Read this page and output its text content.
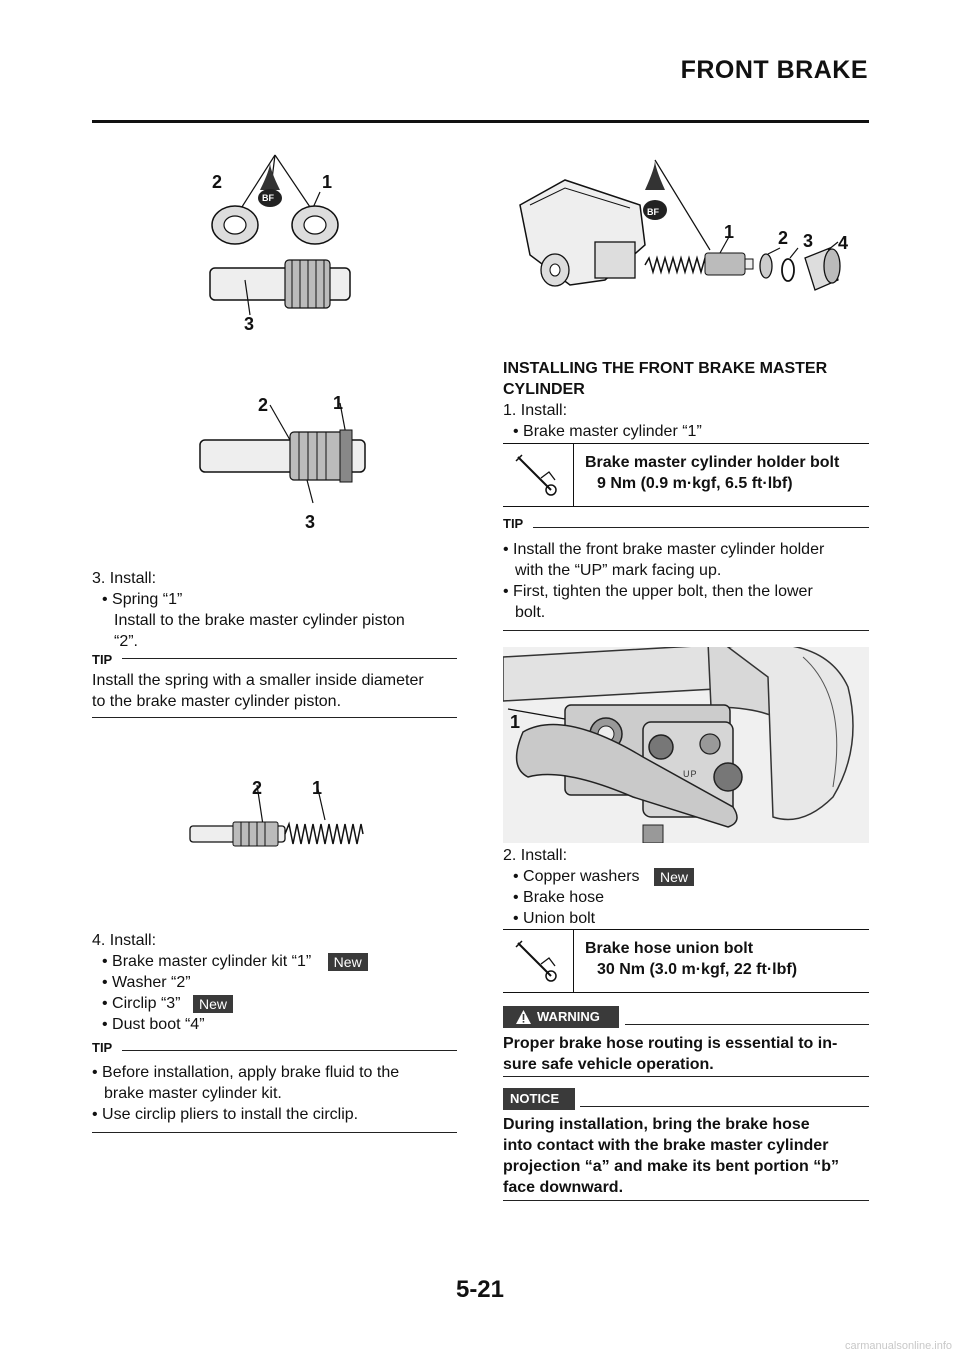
FRONT BRAKE
2	1
3
BF
2	1
3
3. Install:
• Spring “1”
Install to the brake master cylinder piston
“2”.
TIP
Install the spring with a smaller inside diameter
to the brake master cylinder piston.
2	1
4. Install:
• Brake master cylinder kit “1” New
• Washer “2”
• Circlip “3” New
• Dust boot “4”
TIP
• Before installation, apply brake fluid to the
brake master cylinder kit.
• Use circlip pliers to install the circlip.
BF
1 2 3 4
INSTALLING THE FRONT BRAKE MASTER
CYLINDER
1. Install:
• Brake master cylinder “1”
Brake master cylinder holder bolt
9 Nm (0.9 m·kgf, 6.5 ft·lbf)
TIP
• Install the front brake master cylinder holder
with the “UP” mark facing up.
• First, tighten the upper bolt, then the lower
bolt.
UP
1
2. Install:
• Copper washers New
• Brake hose
• Union bolt
Brake hose union bolt
30 Nm (3.0 m·kgf, 22 ft·lbf)
WARNING
Proper brake hose routing is essential to in-
sure safe vehicle operation.
NOTICE
During installation, bring the brake hose
into contact with the brake master cylinder
projection “a” and make its bent portion “b”
face downward.
5-21
carmanualsonline.info
